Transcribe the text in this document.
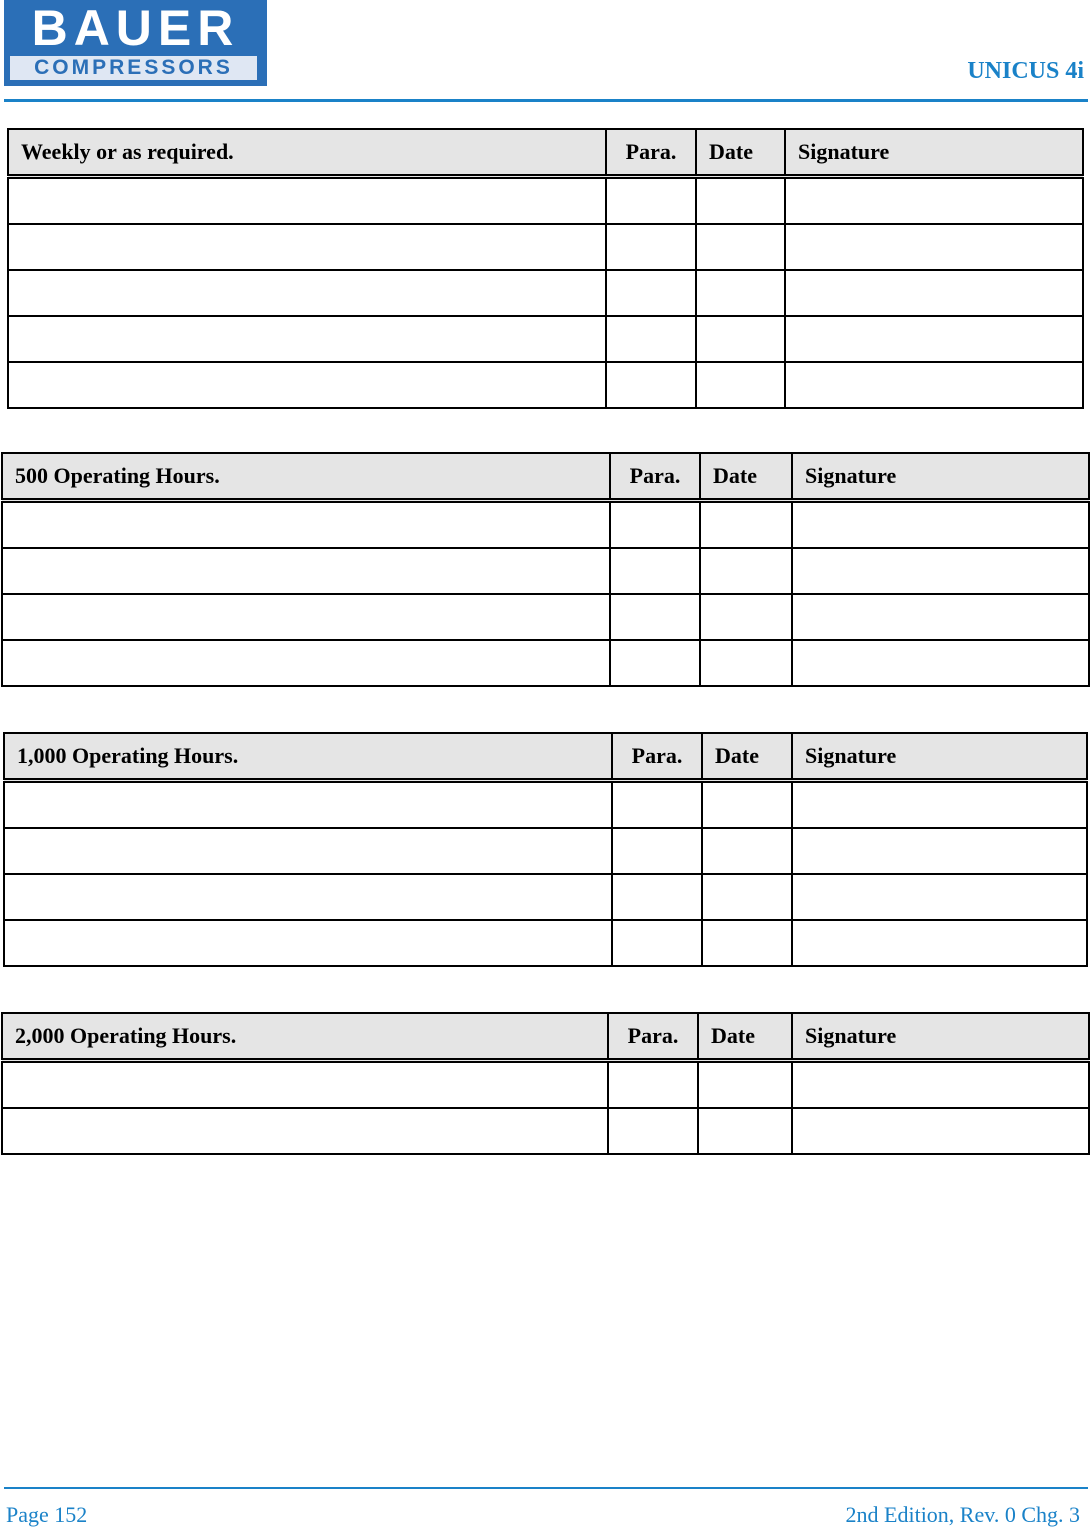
BAUER
COMPRESSORS	UNICUS 4i
Weekly or as required.	Para.	Date	Signature

500 Operating Hours.	Para.	Date	Signature

1,000 Operating Hours.	Para.	Date	Signature

2,000 Operating Hours.	Para.	Date	Signature

Page 152	2nd Edition, Rev. 0 Chg. 3
